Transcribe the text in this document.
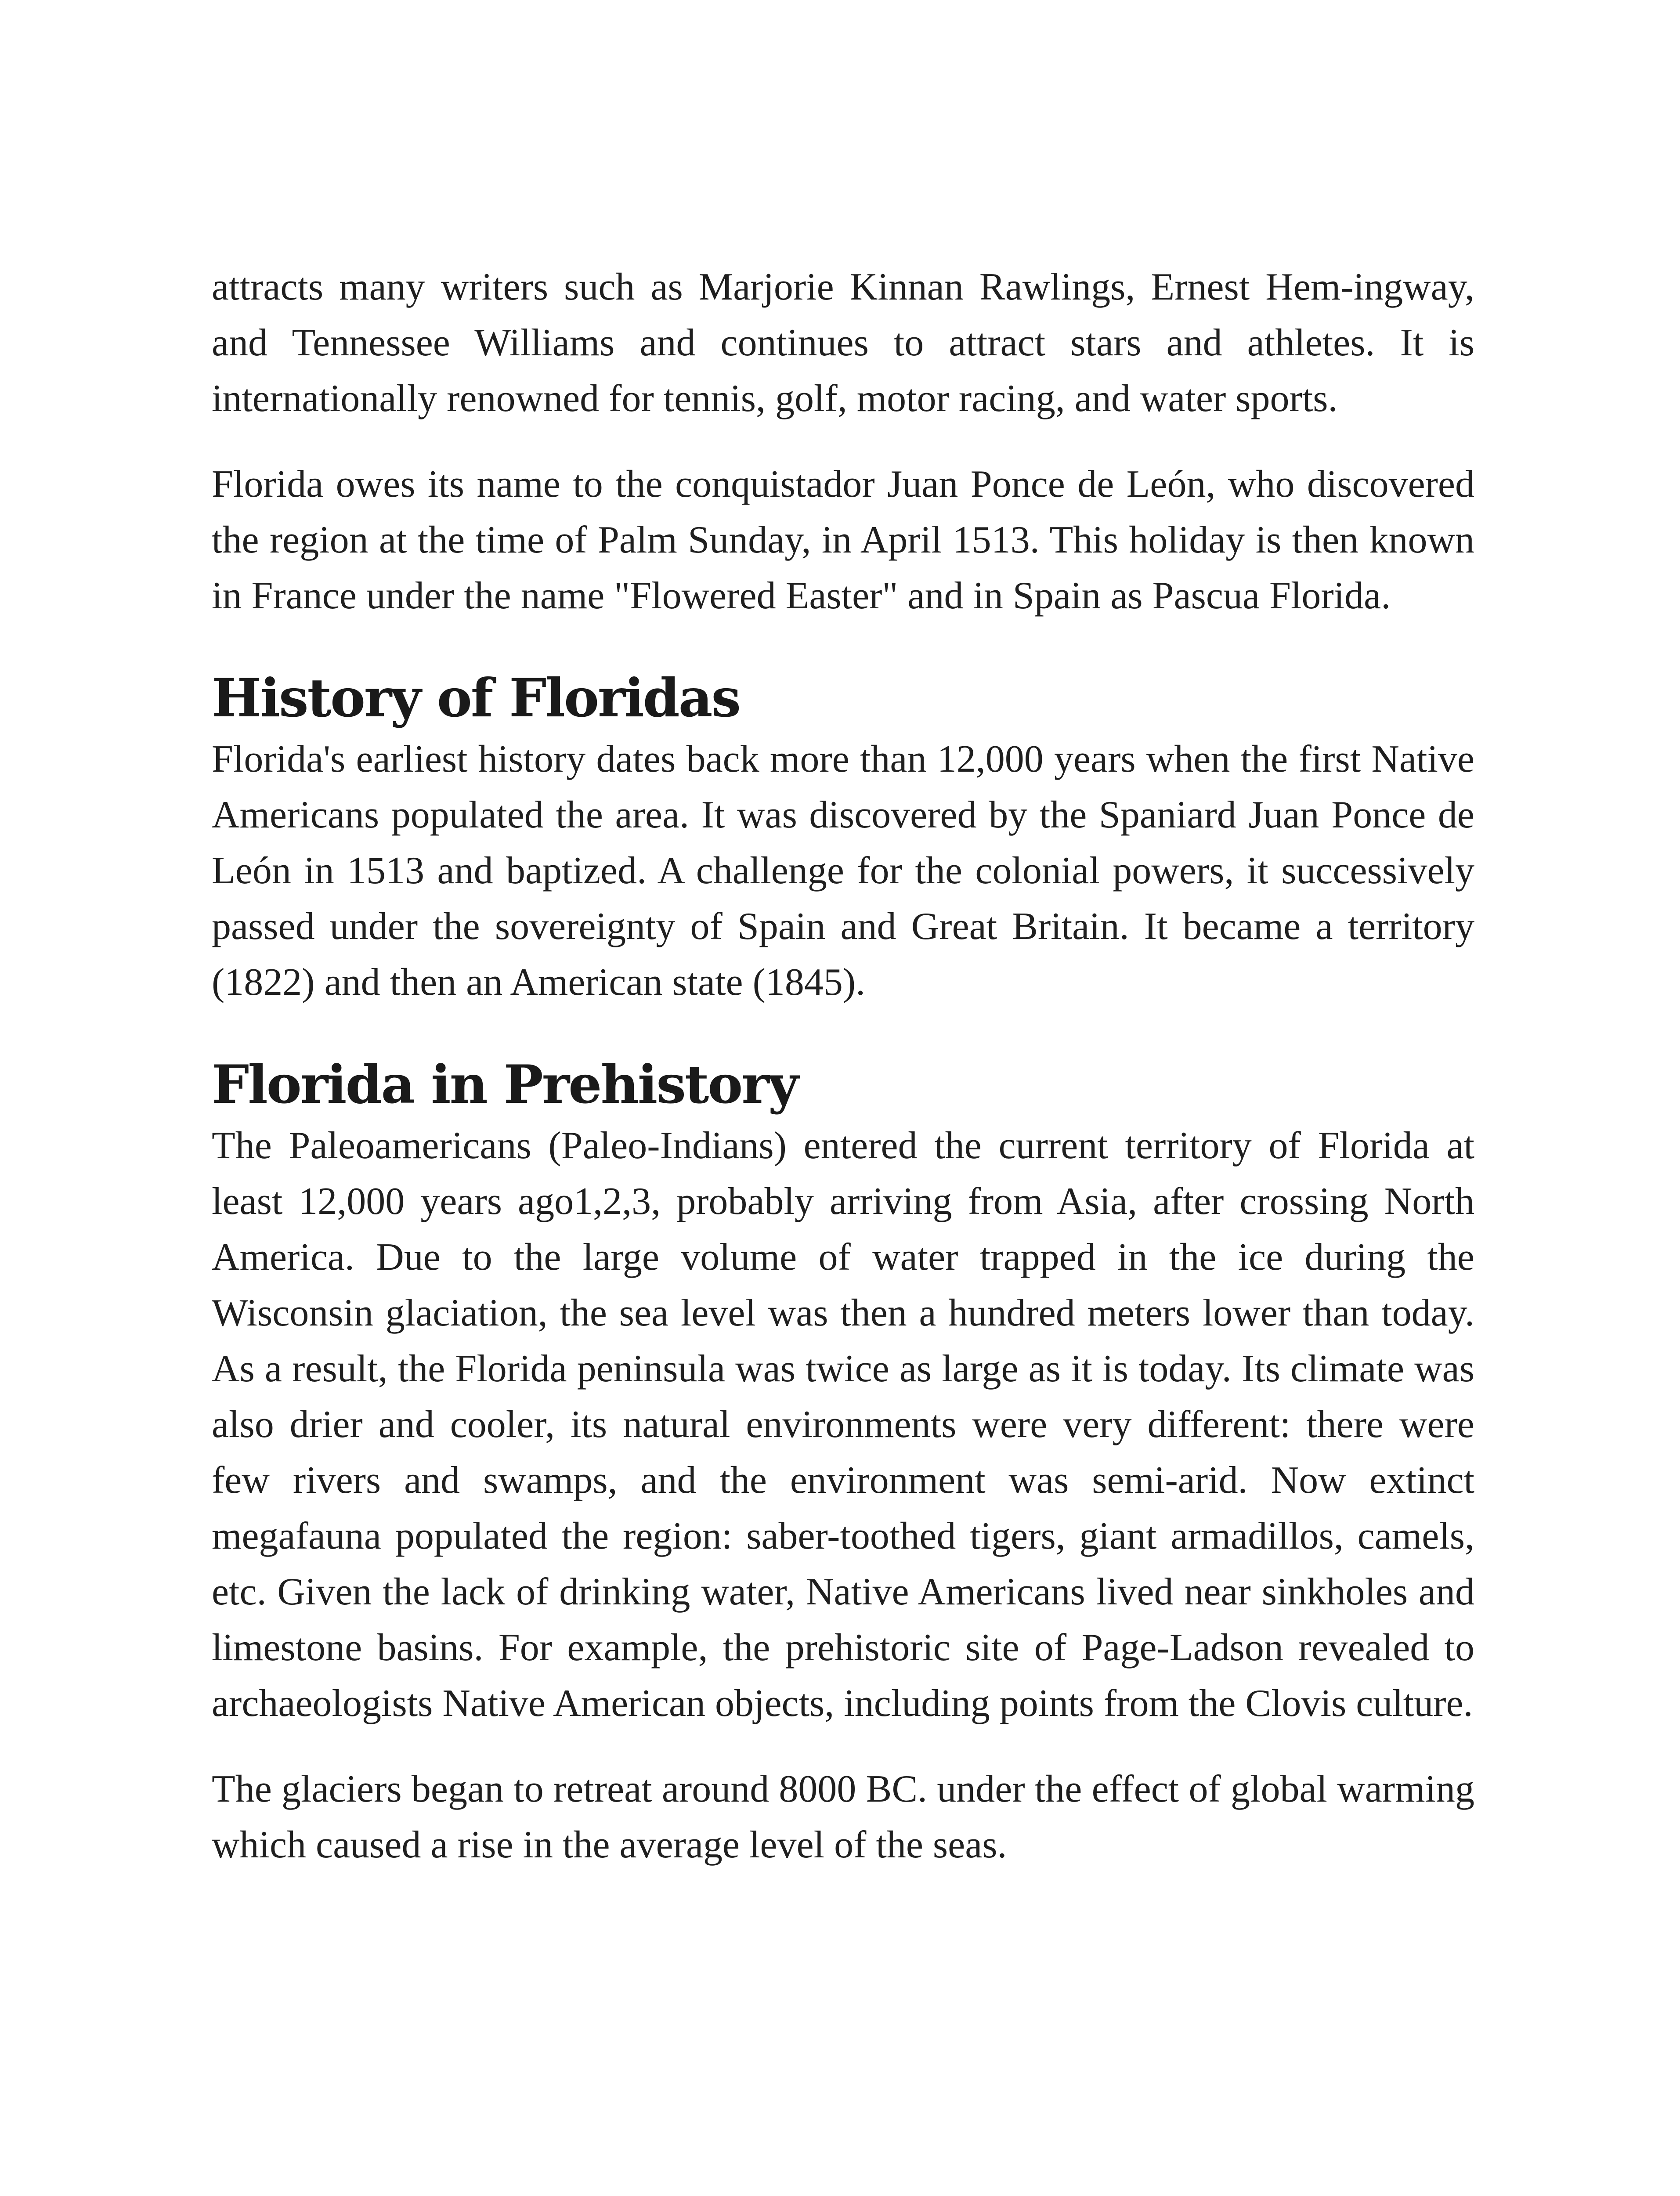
attracts many writers such as Marjorie Kinnan Rawlings, Ernest Hem-ingway, and Tennessee Williams and continues to attract stars and athletes. It is internationally renowned for tennis, golf, motor racing, and water sports.

Florida owes its name to the conquistador Juan Ponce de León, who discovered the region at the time of Palm Sunday, in April 1513. This holiday is then known in France under the name "Flowered Easter" and in Spain as Pascua Florida.

History of Floridas

Florida's earliest history dates back more than 12,000 years when the first Native Americans populated the area. It was discovered by the Spaniard Juan Ponce de León in 1513 and baptized. A challenge for the colonial powers, it successively passed under the sovereignty of Spain and Great Britain. It became a territory (1822) and then an American state (1845).

Florida in Prehistory

The Paleoamericans (Paleo-Indians) entered the current territory of Florida at least 12,000 years ago1,2,3, probably arriving from Asia, after crossing North America. Due to the large volume of water trapped in the ice during the Wisconsin glaciation, the sea level was then a hundred meters lower than today. As a result, the Florida peninsula was twice as large as it is today. Its climate was also drier and cooler, its natural environments were very different: there were few rivers and swamps, and the environment was semi-arid. Now extinct megafauna populated the region: saber-toothed tigers, giant armadillos, camels, etc. Given the lack of drinking water, Native Americans lived near sinkholes and limestone basins. For example, the prehistoric site of Page-Ladson revealed to archaeologists Native American objects, including points from the Clovis culture.

The glaciers began to retreat around 8000 BC. under the effect of global warming which caused a rise in the average level of the seas.
